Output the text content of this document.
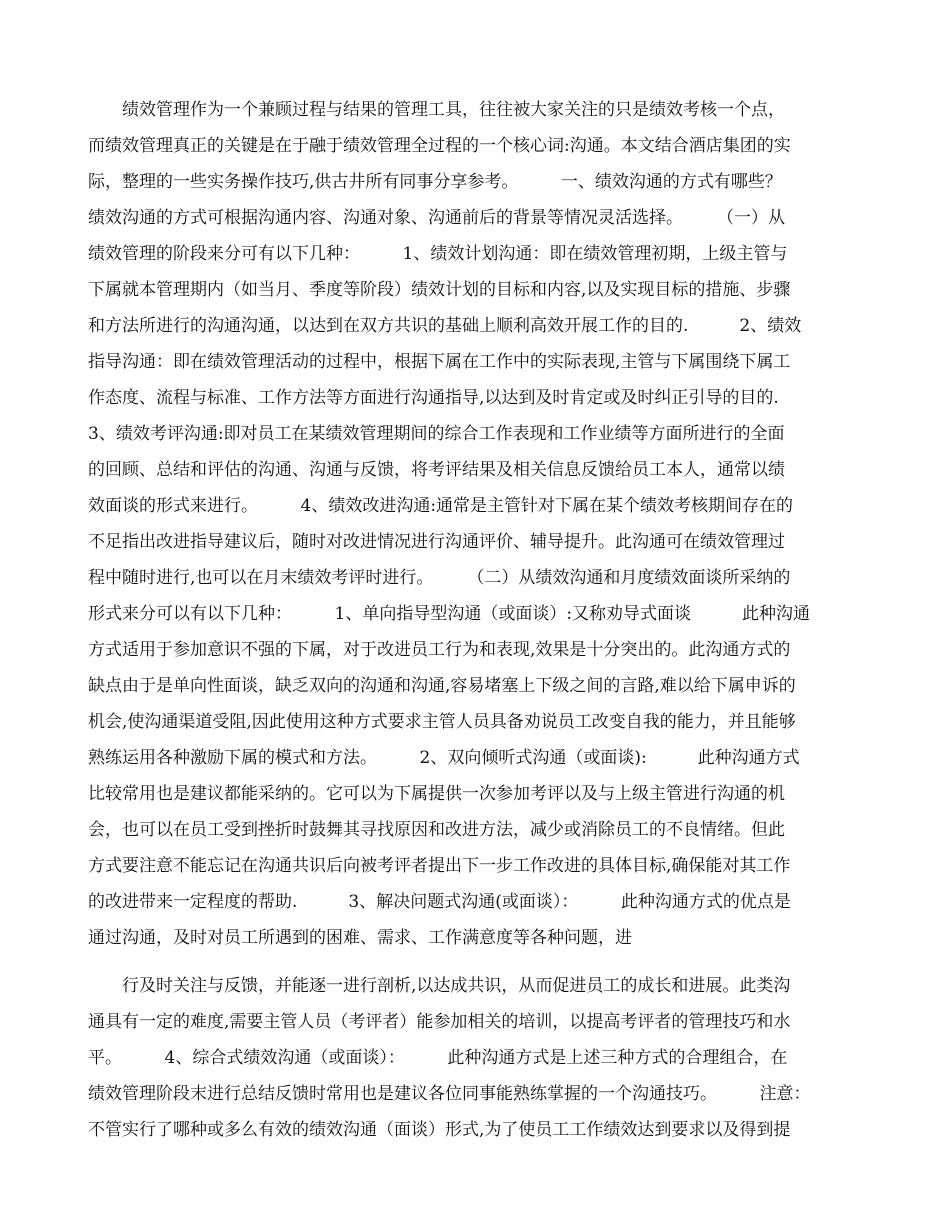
　　绩效管理作为一个兼顾过程与结果的管理工具，往往被大家关注的只是绩效考核一个点，
而绩效管理真正的关键是在于融于绩效管理全过程的一个核心词:沟通。本文结合酒店集团的实
际，整理的一些实务操作技巧,供古井所有同事分享参考。　　　一、绩效沟通的方式有哪些？
绩效沟通的方式可根据沟通内容、沟通对象、沟通前后的背景等情况灵活选择。　　　（一）从
绩效管理的阶段来分可有以下几种：　　　1、绩效计划沟通：即在绩效管理初期，上级主管与
下属就本管理期内（如当月、季度等阶段）绩效计划的目标和内容,以及实现目标的措施、步骤
和方法所进行的沟通沟通，以达到在双方共识的基础上顺利高效开展工作的目的.　　　2、绩效
指导沟通：即在绩效管理活动的过程中，根据下属在工作中的实际表现,主管与下属围绕下属工
作态度、流程与标准、工作方法等方面进行沟通指导,以达到及时肯定或及时纠正引导的目的.
3、绩效考评沟通:即对员工在某绩效管理期间的综合工作表现和工作业绩等方面所进行的全面
的回顾、总结和评估的沟通、沟通与反馈，将考评结果及相关信息反馈给员工本人，通常以绩
效面谈的形式来进行。　　　4、绩效改进沟通:通常是主管针对下属在某个绩效考核期间存在的
不足指出改进指导建议后，随时对改进情况进行沟通评价、辅导提升。此沟通可在绩效管理过
程中随时进行,也可以在月末绩效考评时进行。　　　（二）从绩效沟通和月度绩效面谈所采纳的
形式来分可以有以下几种：　　　1、单向指导型沟通（或面谈）:又称劝导式面谈　　　此种沟通
方式适用于参加意识不强的下属，对于改进员工行为和表现,效果是十分突出的。此沟通方式的
缺点由于是单向性面谈，缺乏双向的沟通和沟通,容易堵塞上下级之间的言路,难以给下属申诉的
机会,使沟通渠道受阻,因此使用这种方式要求主管人员具备劝说员工改变自我的能力，并且能够
熟练运用各种激励下属的模式和方法。　　　2、双向倾听式沟通（或面谈):　　　此种沟通方式
比较常用也是建议都能采纳的。它可以为下属提供一次参加考评以及与上级主管进行沟通的机
会，也可以在员工受到挫折时鼓舞其寻找原因和改进方法，减少或消除员工的不良情绪。但此
方式要注意不能忘记在沟通共识后向被考评者提出下一步工作改进的具体目标,确保能对其工作
的改进带来一定程度的帮助.　　　3、解决问题式沟通(或面谈）：　　　此种沟通方式的优点是
通过沟通，及时对员工所遇到的困难、需求、工作满意度等各种问题，进
　　行及时关注与反馈，并能逐一进行剖析,以达成共识，从而促进员工的成长和进展。此类沟
通具有一定的难度,需要主管人员（考评者）能参加相关的培训，以提高考评者的管理技巧和水
平。　　　4、综合式绩效沟通（或面谈）：　　　此种沟通方式是上述三种方式的合理组合，在
绩效管理阶段末进行总结反馈时常用也是建议各位同事能熟练掌握的一个沟通技巧。　　　注意：
不管实行了哪种或多么有效的绩效沟通（面谈）形式,为了使员工工作绩效达到要求以及得到提
